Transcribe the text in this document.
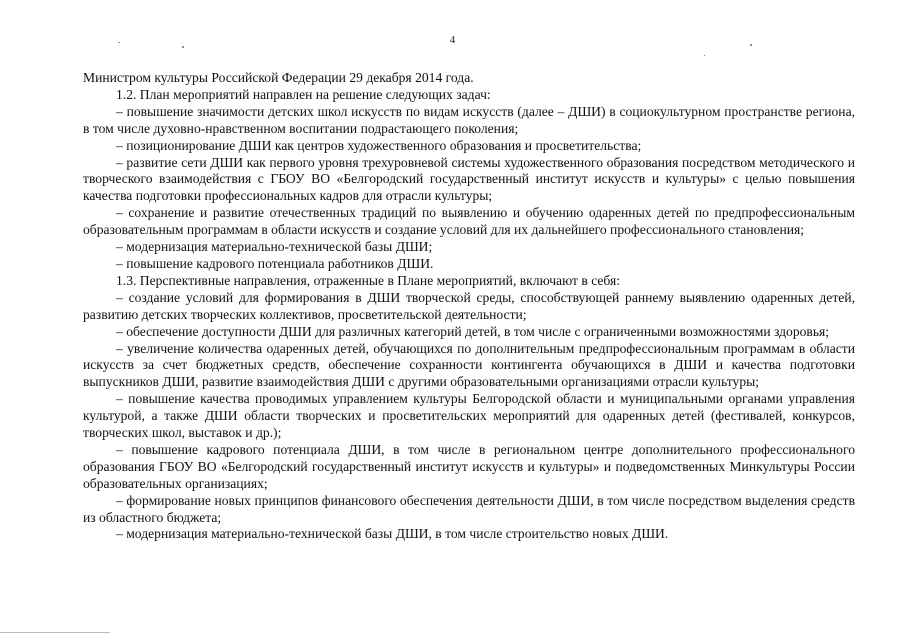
4

Министром культуры Российской Федерации 29 декабря 2014 года.

1.2. План мероприятий направлен на решение следующих задач:

– повышение значимости детских школ искусств по видам искусств (далее – ДШИ) в социокультурном пространстве региона, в том числе духовно-нравственном воспитании подрастающего поколения;

– позиционирование ДШИ как центров художественного образования и просветительства;

– развитие сети ДШИ как первого уровня трехуровневой системы художественного образования посредством методического и творческого взаимодействия с ГБОУ ВО «Белгородский государственный институт искусств и культуры» с целью повышения качества подготовки профессиональных кадров для отрасли культуры;

– сохранение и развитие отечественных традиций по выявлению и обучению одаренных детей по предпрофессиональным образовательным программам в области искусств и создание условий для их дальнейшего профессионального становления;

– модернизация материально-технической базы ДШИ;

– повышение кадрового потенциала работников ДШИ.

1.3. Перспективные направления, отраженные в Плане мероприятий, включают в себя:

– создание условий для формирования в ДШИ творческой среды, способствующей раннему выявлению одаренных детей, развитию детских творческих коллективов, просветительской деятельности;

– обеспечение доступности ДШИ для различных категорий детей, в том числе с ограниченными возможностями здоровья;

– увеличение количества одаренных детей, обучающихся по дополнительным предпрофессиональным программам в области искусств за счет бюджетных средств, обеспечение сохранности контингента обучающихся в ДШИ и качества подготовки выпускников ДШИ, развитие взаимодействия ДШИ с другими образовательными организациями отрасли культуры;

– повышение качества проводимых управлением культуры Белгородской области и муниципальными органами управления культурой, а также ДШИ области творческих и просветительских мероприятий для одаренных детей (фестивалей, конкурсов, творческих школ, выставок и др.);

– повышение кадрового потенциала ДШИ, в том числе в региональном центре дополнительного профессионального образования ГБОУ ВО «Белгородский государственный институт искусств и культуры» и подведомственных Минкультуры России образовательных организациях;

– формирование новых принципов финансового обеспечения деятельности ДШИ, в том числе посредством выделения средств из областного бюджета;

– модернизация материально-технической базы ДШИ, в том числе строительство новых ДШИ.
